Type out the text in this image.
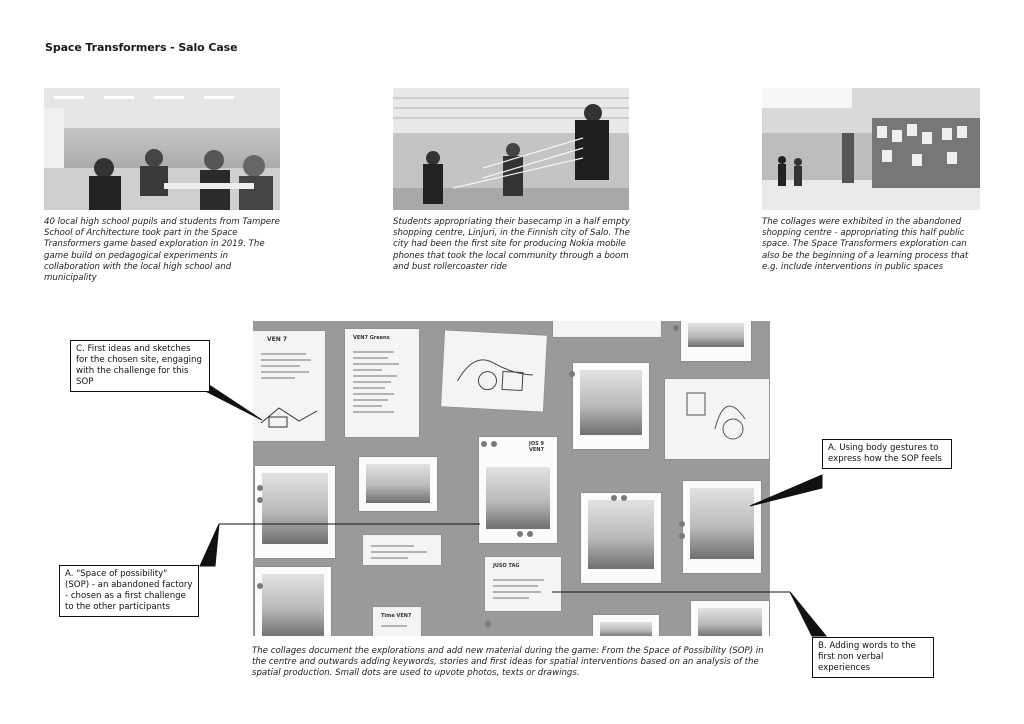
Space Transformers - Salo Case
40 local high school pupils and students from Tampere School of Architecture took part in the Space Transformers game based exploration in 2019. The game build on pedagogical experiments in collaboration with the local high school and municipality
Students appropriating their basecamp in a half empty shopping centre, Linjuri, in the Finnish city of Salo. The city had been the first site for producing Nokia mobile phones that took the local community through a boom and bust rollercoaster ride
The collages were exhibited in the abandoned shopping centre - appropriating this half public space. The Space Transformers exploration can also be the beginning of a learning process that e.g. include interventions in public spaces
VEN 7	VEN7 Greens
JOS 9 VEN7
JUSO TAG
Time VEN7
C. First ideas and sketches for the chosen site, engaging with the challenge for this SOP
A. Using body gestures to express how the SOP feels
A. "Space of possibility" (SOP) - an abandoned factory - chosen as a first challenge to the other participants
B. Adding words to the first non verbal experiences
The collages document the explorations and add new material during the game: From the Space of Possibility (SOP) in the centre and outwards adding keywords, stories and first ideas for spatial interventions based on an analysis of the spatial production. Small dots are used to upvote photos, texts or drawings.
